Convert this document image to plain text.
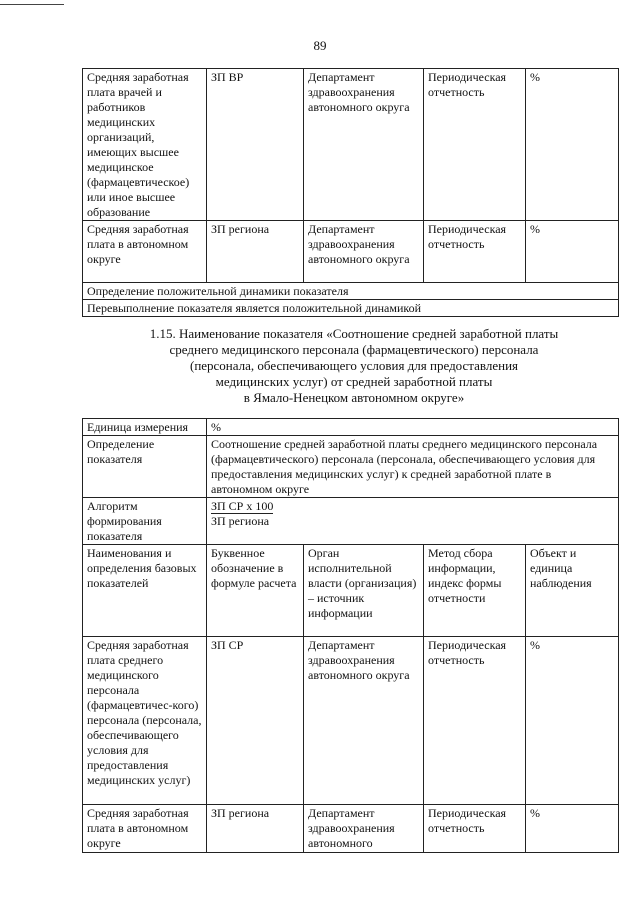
89
Средняя заработная плата врачей и работников медицинских организаций, имеющих высшее медицинское (фармацевтическое) или иное высшее образование	ЗП ВР	Департамент здравоохранения автономного округа	Периодическая отчетность	%
Средняя заработная плата в автономном округе	ЗП региона	Департамент здравоохранения автономного округа	Периодическая отчетность	%
Определение положительной динамики показателя				
Перевыполнение показателя является положительной динамикой				
1.15. Наименование показателя «Соотношение средней заработной платы
среднего медицинского персонала (фармацевтического) персонала
(персонала, обеспечивающего условия для предоставления
медицинских услуг) от средней заработной платы
в Ямало-Ненецком автономном округе»
Единица измерения	%			
Определение показателя	Соотношение средней заработной платы среднего медицинского персонала (фармацевтического) персонала (персонала, обеспечивающего условия для предоставления медицинских услуг) к средней заработной плате в автономном округе			
Алгоритм формирования показателя	ЗП СР х 100
ЗП региона			

Наименования и определения базовых показателей	Буквенное обозначение в формуле расчета	Орган исполнительной власти (организация) – источник информации	Метод сбора информации, индекс формы отчетности	Объект и единица наблюдения
Средняя заработная плата среднего медицинского персонала (фармацевтичес-кого) персонала (персонала, обеспечивающего условия для предоставления медицинских услуг)	ЗП СР	Департамент здравоохранения автономного округа	Периодическая отчетность	%
Средняя заработная плата в автономном округе	ЗП региона	Департамент здравоохранения автономного	Периодическая отчетность	%
